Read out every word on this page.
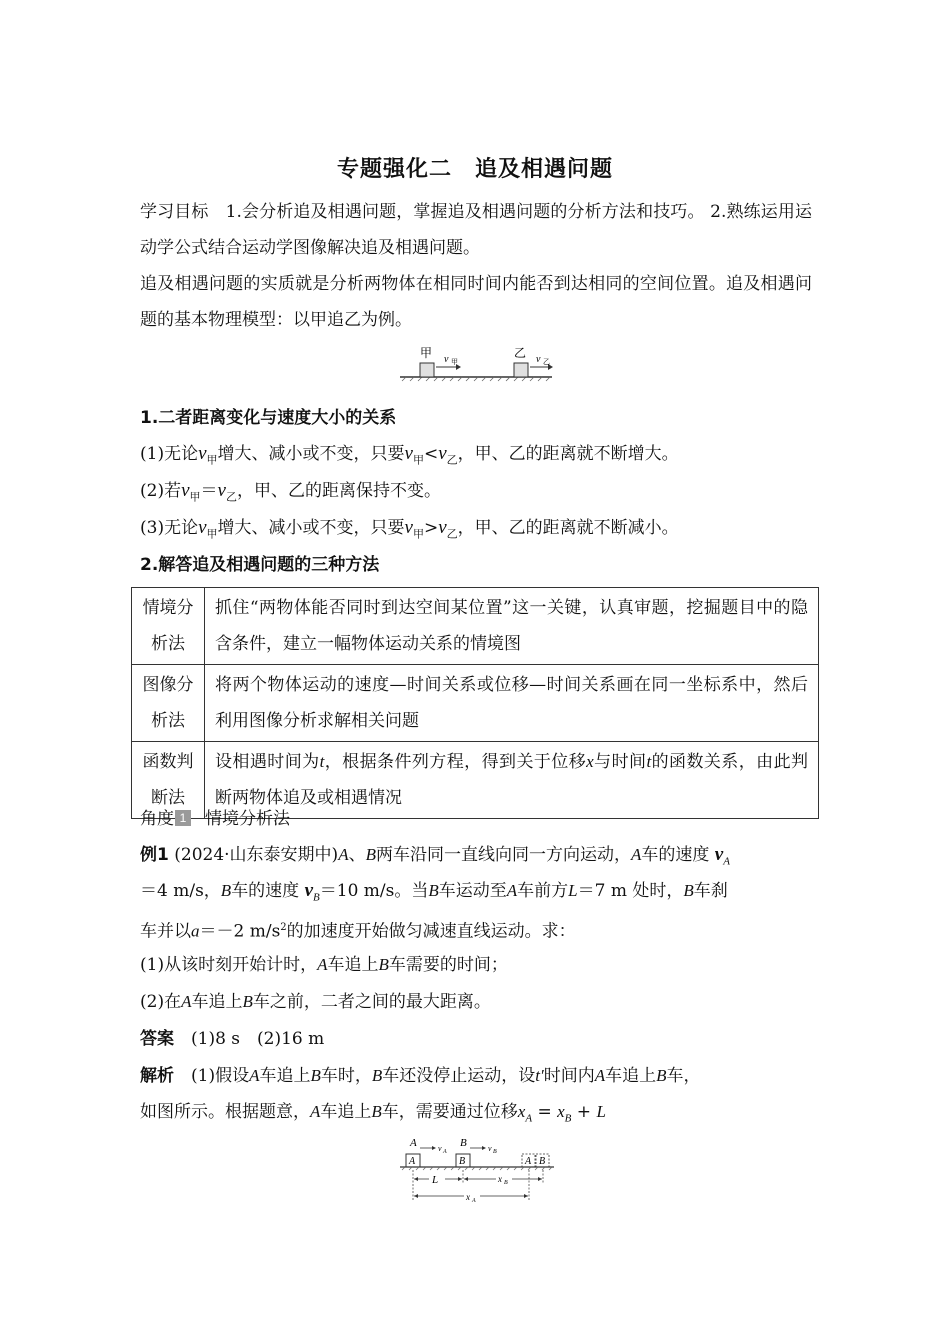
专题强化二　追及相遇问题
学习目标　 1.会分析追及相遇问题，掌握追及相遇问题的分析方法和技巧。 2.熟练运用运动学公式结合运动学图像解决追及相遇问题。
追及相遇问题的实质就是分析两物体在相同时间内能否到达相同的空间位置。追及相遇问题的基本物理模型：以甲追乙为例。
甲	乙
v 甲	v 乙
1.二者距离变化与速度大小的关系
(1)无论$v_甲$增大、减小或不变，只要$v_甲<v_乙$，甲、乙的距离就不断增大。
(2)若$v_甲=v_乙$，甲、乙的距离保持不变。
(3)无论$v_甲$增大、减小或不变，只要$v_甲>v_乙$，甲、乙的距离就不断减小。
2.解答追及相遇问题的三种方法
情境分析法	抓住“两物体能否同时到达空间某位置”这一关键，认真审题，挖掘题目中的隐含条件，建立一幅物体运动关系的情境图
图像分析法	将两个物体运动的速度—时间关系或位移—时间关系画在同一坐标系中，然后利用图像分析求解相关问题
函数判断法	设相遇时间为t，根据条件列方程，得到关于位移x与时间t的函数关系，由此判断两物体追及或相遇情况
角度 1 情境分析法
例1 (2024·山东泰安期中)A、B两车沿同一直线向同一方向运动，A车的速度 $v_A$
＝4 m/s，B车的速度 $v_B=10$ m/s。当B车运动至A车前方L＝7 m 处时，B车刹
车并以a＝－2 $m/s^2$的加速度开始做匀减速直线运动。求：
(1)从该时刻开始计时，A车追上B车需要的时间；
(2)在A车追上B车之前，二者之间的最大距离。
答案　 (1)8 s　(2)16 m
解析　 (1)假设A车追上B车时，B车还没停止运动，设t′时间内A车追上B车，
如图所示。根据题意，A车追上B车，需要通过位移$x_A = x_B + L$
A	v A
B	v B
A	B	A B
L	x B
x A
